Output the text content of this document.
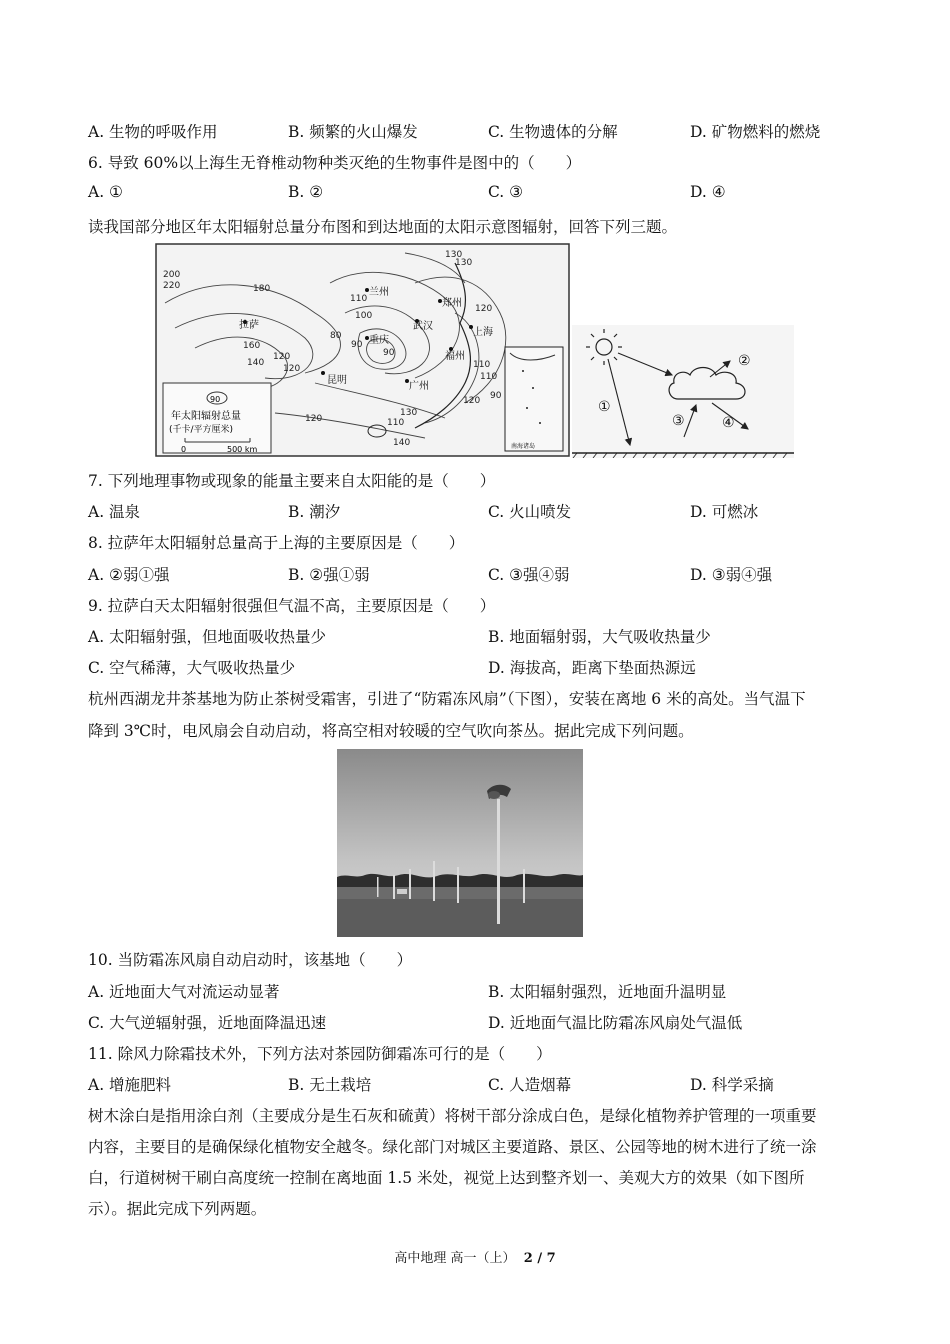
A. 生物的呼吸作用	B. 频繁的火山爆发	C. 生物遗体的分解	D. 矿物燃料的燃烧
6. 导致 60%以上海生无脊椎动物种类灭绝的生物事件是图中的（　　）
A. ①	B. ②	C. ③	D. ④
读我国部分地区年太阳辐射总量分布图和到达地面的太阳示意图辐射，回答下列三题。
200
220	180
160
140
120
120
130
130
110
100
90
80
120
110
110
120 90
120
130
110
140
90
拉萨
兰州
郑州
重庆
武汉
上海
福州
昆明
广州
90
年太阳辐射总量
(千卡/平方厘米)
0	500 km	南海诸岛
①
②
③	④
7. 下列地理事物或现象的能量主要来自太阳能的是（　　）
A. 温泉	B. 潮汐	C. 火山喷发	D. 可燃冰
8. 拉萨年太阳辐射总量高于上海的主要原因是（　　）
A. ②弱①强	B. ②强①弱	C. ③强④弱	D. ③弱④强
9. 拉萨白天太阳辐射很强但气温不高，主要原因是（　　）
A. 太阳辐射强，但地面吸收热量少	B. 地面辐射弱，大气吸收热量少
C. 空气稀薄，大气吸收热量少	D. 海拔高，距离下垫面热源远
杭州西湖龙井茶基地为防止茶树受霜害，引进了“防霜冻风扇”（下图），安装在离地 6 米的高处。当气温下
降到 3℃时，电风扇会自动启动，将高空相对较暖的空气吹向茶丛。据此完成下列问题。
10. 当防霜冻风扇自动启动时，该基地（　　）
A. 近地面大气对流运动显著	B. 太阳辐射强烈，近地面升温明显
C. 大气逆辐射强，近地面降温迅速	D. 近地面气温比防霜冻风扇处气温低
11. 除风力除霜技术外，下列方法对茶园防御霜冻可行的是（　　）
A. 增施肥料	B. 无土栽培	C. 人造烟幕	D. 科学采摘
树木涂白是指用涂白剂（主要成分是生石灰和硫黄）将树干部分涂成白色，是绿化植物养护管理的一项重要
内容，主要目的是确保绿化植物安全越冬。绿化部门对城区主要道路、景区、公园等地的树木进行了统一涂
白，行道树树干刷白高度统一控制在离地面 1.5 米处，视觉上达到整齐划一、美观大方的效果（如下图所
示）。据此完成下列两题。
高中地理 高一（上） 2 / 7
